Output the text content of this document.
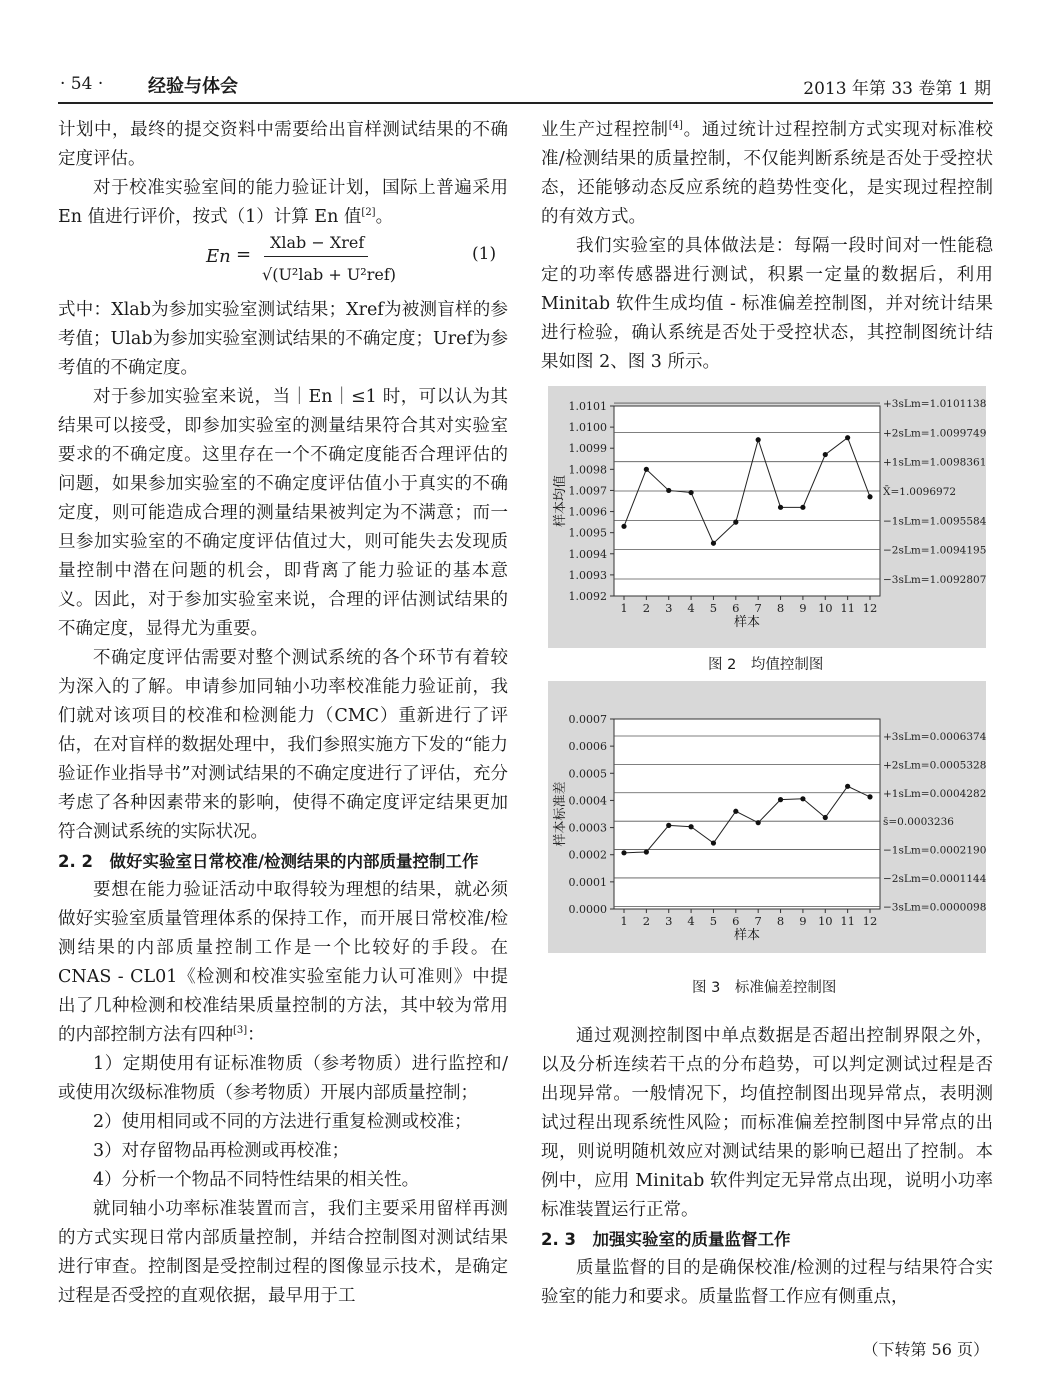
· 54 · 经验与体会	2013 年第 33 卷第 1 期

计划中，最终的提交资料中需要给出盲样测试结果的不确定度评估。

对于校准实验室间的能力验证计划，国际上普遍采用 En 值进行评价，按式（1）计算 En 值[2]。

En =
Xlab − Xref
√(U²lab + U²ref)
(1)

式中：Xlab为参加实验室测试结果；Xref为被测盲样的参考值；Ulab为参加实验室测试结果的不确定度；Uref为参考值的不确定度。

对于参加实验室来说，当｜En｜≤1 时，可以认为其结果可以接受，即参加实验室的测量结果符合其对实验室要求的不确定度。这里存在一个不确定度能否合理评估的问题，如果参加实验室的不确定度评估值小于真实的不确定度，则可能造成合理的测量结果被判定为不满意；而一旦参加实验室的不确定度评估值过大，则可能失去发现质量控制中潜在问题的机会，即背离了能力验证的基本意义。因此，对于参加实验室来说，合理的评估测试结果的不确定度，显得尤为重要。

不确定度评估需要对整个测试系统的各个环节有着较为深入的了解。申请参加同轴小功率校准能力验证前，我们就对该项目的校准和检测能力（CMC）重新进行了评估，在对盲样的数据处理中，我们参照实施方下发的“能力验证作业指导书”对测试结果的不确定度进行了评估，充分考虑了各种因素带来的影响，使得不确定度评定结果更加符合测试系统的实际状况。

2. 2　做好实验室日常校准/检测结果的内部质量控制工作

要想在能力验证活动中取得较为理想的结果，就必须做好实验室质量管理体系的保持工作，而开展日常校准/检测结果的内部质量控制工作是一个比较好的手段。在 CNAS - CL01《检测和校准实验室能力认可准则》中提出了几种检测和校准结果质量控制的方法，其中较为常用的内部控制方法有四种[3]：

1）定期使用有证标准物质（参考物质）进行监控和/或使用次级标准物质（参考物质）开展内部质量控制；

2）使用相同或不同的方法进行重复检测或校准；

3）对存留物品再检测或再校准；

4）分析一个物品不同特性结果的相关性。

就同轴小功率标准装置而言，我们主要采用留样再测的方式实现日常内部质量控制，并结合控制图对测试结果进行审查。控制图是受控制过程的图像显示技术，是确定过程是否受控的直观依据，最早用于工

业生产过程控制[4]。通过统计过程控制方式实现对标准校准/检测结果的质量控制，不仅能判断系统是否处于受控状态，还能够动态反应系统的趋势性变化，是实现过程控制的有效方式。

我们实验室的具体做法是：每隔一段时间对一性能稳定的功率传感器进行测试，积累一定量的数据后，利用 Minitab 软件生成均值 - 标准偏差控制图，并对统计结果进行检验，确认系统是否处于受控状态，其控制图统计结果如图 2、图 3 所示。

+3sLm=1.0101138
+2sLm=1.0099749
+1sLm=1.0098361
X̄=1.0096972
−1sLm=1.0095584
−2sLm=1.0094195
−3sLm=1.0092807
1.0092
1.0093
1.0094
1.0095
1.0096
1.0097
1.0098
1.0099
1.0100
1.0101
1 2 3 4 5 6 7 8 9 10 11 12
样本
样本均值
图 2　均值控制图
+3sLm=0.0006374
+2sLm=0.0005328
+1sLm=0.0004282
s̄=0.0003236
−1sLm=0.0002190
−2sLm=0.0001144
−3sLm=0.0000098
0.0000
0.0001
0.0002
0.0003
0.0004
0.0005
0.0006
0.0007
1 2 3 4 5 6 7 8 9 10 11 12
样本
样本标准差
图 3　标准偏差控制图

通过观测控制图中单点数据是否超出控制界限之外，以及分析连续若干点的分布趋势，可以判定测试过程是否出现异常。一般情况下，均值控制图出现异常点，表明测试过程出现系统性风险；而标准偏差控制图中异常点的出现，则说明随机效应对测试结果的影响已超出了控制。本例中，应用 Minitab 软件判定无异常点出现，说明小功率标准装置运行正常。

2. 3　加强实验室的质量监督工作

质量监督的目的是确保校准/检测的过程与结果符合实验室的能力和要求。质量监督工作应有侧重点，

（下转第 56 页）
